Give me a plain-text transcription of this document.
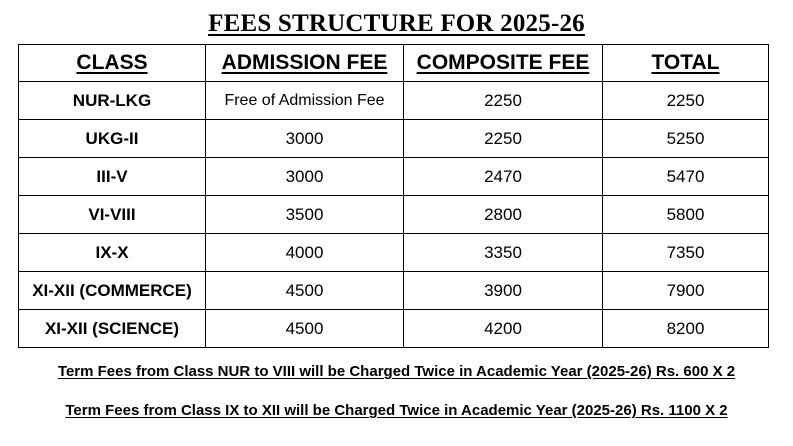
FEES STRUCTURE FOR 2025-26
CLASS	ADMISSION FEE	COMPOSITE FEE	TOTAL
NUR-LKG	Free of Admission Fee	2250	2250
UKG-II	3000	2250	5250
III-V	3000	2470	5470
VI-VIII	3500	2800	5800
IX-X	4000	3350	7350
XI-XII (COMMERCE)	4500	3900	7900
XI-XII (SCIENCE)	4500	4200	8200
Term Fees from Class NUR to VIII will be Charged Twice in Academic Year (2025-26) Rs. 600 X 2
Term Fees from Class IX to XII will be Charged Twice in Academic Year (2025-26) Rs. 1100 X 2
